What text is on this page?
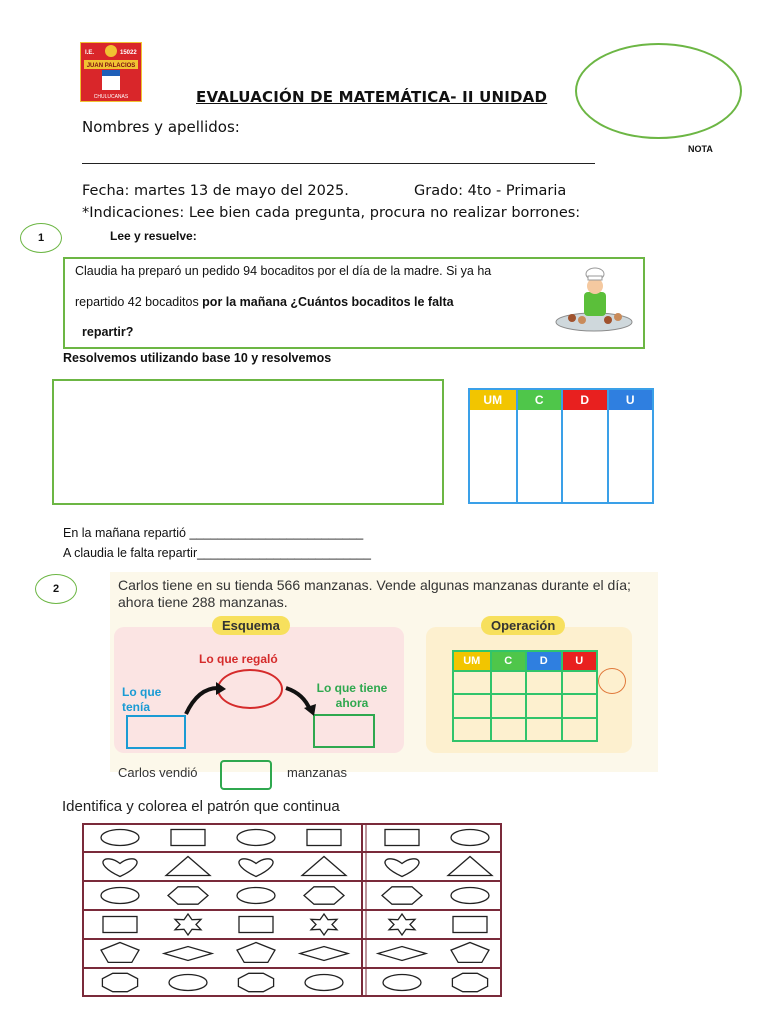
I.E.	15022
JUAN PALACIOS
CHULUCANAS	EVALUACIÓN DE MATEMÁTICA- II UNIDAD
NOTA
Nombres y apellidos:
Fecha: martes 13 de mayo del 2025.	Grado: 4to - Primaria
*Indicaciones: Lee bien cada pregunta, procura no realizar borrones:
1	Lee y resuelve:
Claudia ha preparó un pedido 94 bocaditos por el día de la madre. Si ya ha
repartido 42 bocaditos por la mañana ¿Cuántos bocaditos le falta
repartir?
Resolvemos utilizando base 10 y resolvemos
UM	C	D	U
En la mañana repartió _________________________
A claudia le falta repartir_________________________
2	Carlos tiene en su tienda 566 manzanas. Vende algunas manzanas durante el día; ahora tiene 288 manzanas.
Esquema	Operación
Lo que regaló
Lo que tenía
Lo que tiene ahora
UM	C	D	U
Carlos vendió	manzanas
Identifica y colorea el patrón que continua
